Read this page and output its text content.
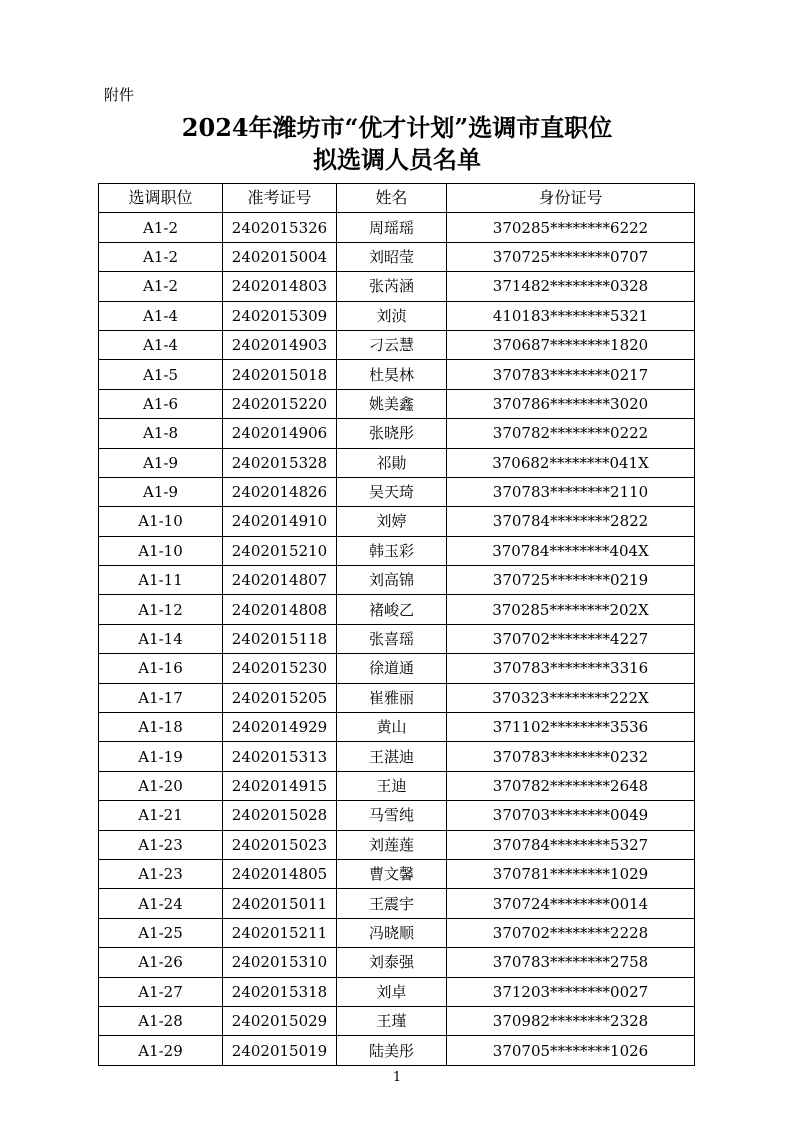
附件
2024年潍坊市“优才计划”选调市直职位
拟选调人员名单
选调职位	准考证号	姓名	身份证号
A1-2	2402015326	周瑶瑶	370285********6222
A1-2	2402015004	刘昭莹	370725********0707
A1-2	2402014803	张芮涵	371482********0328
A1-4	2402015309	刘浈	410183********5321
A1-4	2402014903	刁云慧	370687********1820
A1-5	2402015018	杜昊林	370783********0217
A1-6	2402015220	姚美鑫	370786********3020
A1-8	2402014906	张晓彤	370782********0222
A1-9	2402015328	祁勛	370682********041X
A1-9	2402014826	吴天琦	370783********2110
A1-10	2402014910	刘婷	370784********2822
A1-10	2402015210	韩玉彩	370784********404X
A1-11	2402014807	刘高锦	370725********0219
A1-12	2402014808	褚峻乙	370285********202X
A1-14	2402015118	张喜瑶	370702********4227
A1-16	2402015230	徐道通	370783********3316
A1-17	2402015205	崔雅丽	370323********222X
A1-18	2402014929	黄山	371102********3536
A1-19	2402015313	王湛迪	370783********0232
A1-20	2402014915	王迪	370782********2648
A1-21	2402015028	马雪纯	370703********0049
A1-23	2402015023	刘莲莲	370784********5327
A1-23	2402014805	曹文馨	370781********1029
A1-24	2402015011	王震宇	370724********0014
A1-25	2402015211	冯晓顺	370702********2228
A1-26	2402015310	刘泰强	370783********2758
A1-27	2402015318	刘卓	371203********0027
A1-28	2402015029	王瑾	370982********2328
A1-29	2402015019	陆美彤	370705********1026
1
